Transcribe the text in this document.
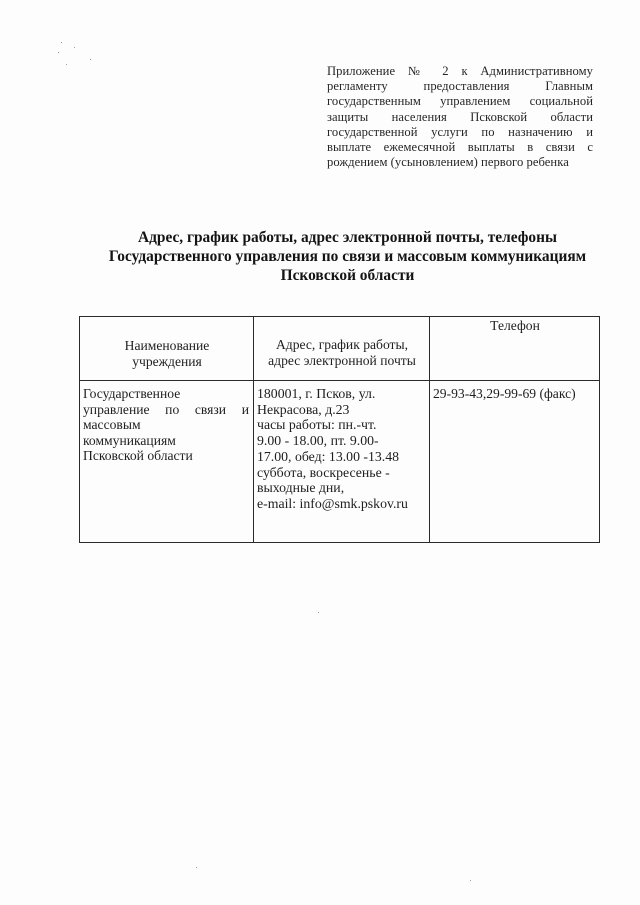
Приложение № 2 к Административному
регламенту предоставления Главным
государственным управлением социальной
защиты населения Псковской области
государственной услуги по назначению и
выплате ежемесячной выплаты в связи с
рождением (усыновлением) первого ребенка
Адрес, график работы, адрес электронной почты, телефоны
Государственного управления по связи и массовым коммуникациям
Псковской области
Наименование
учреждения
Адрес, график работы,
адрес электронной почты
Телефон
Государственное
управление по связи и
массовым
коммуникациям
Псковской области
180001, г. Псков, ул.
Некрасова, д.23
часы работы: пн.-чт.
9.00 - 18.00, пт. 9.00-
17.00, обед: 13.00 -13.48
суббота, воскресенье -
выходные дни,
e-mail: info@smk.pskov.ru
29-93-43,29-99-69 (факс)
